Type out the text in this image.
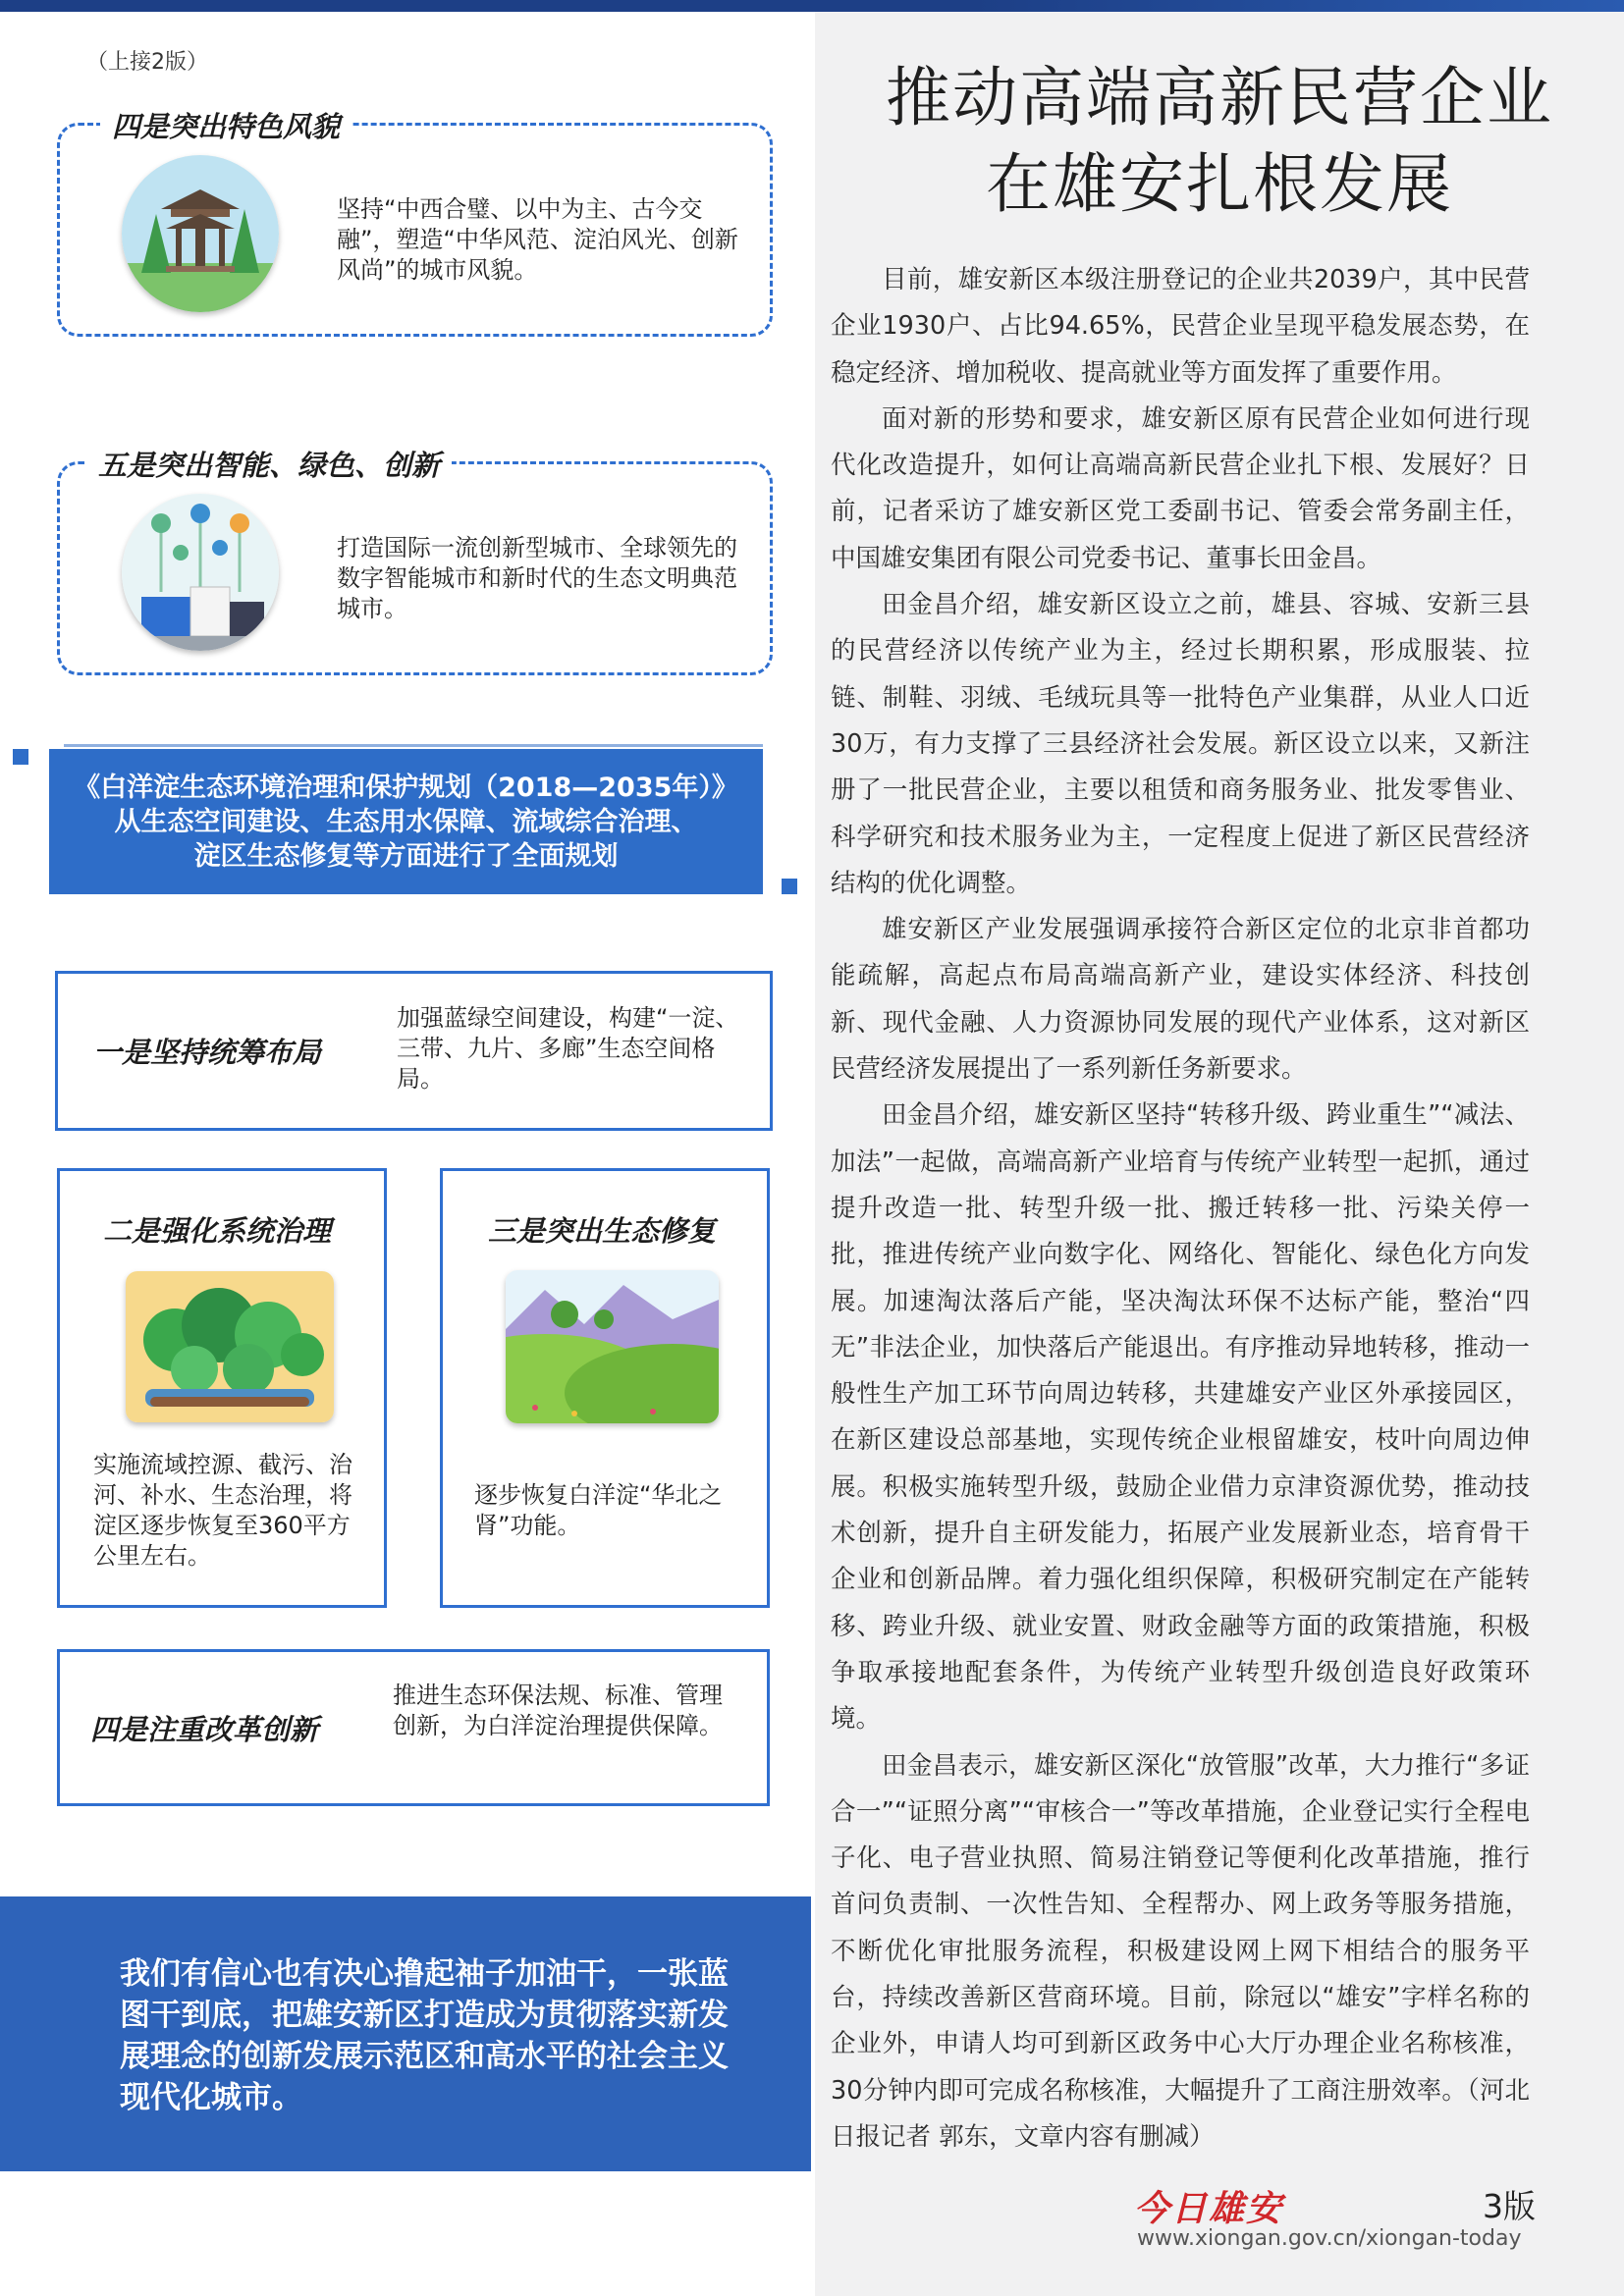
（上接2版）
四是突出特色风貌
坚持“中西合璧、以中为主、古今交融”，塑造“中华风范、淀泊风光、创新风尚”的城市风貌。
五是突出智能、绿色、创新
打造国际一流创新型城市、全球领先的数字智能城市和新时代的生态文明典范城市。
《白洋淀生态环境治理和保护规划（2018—2035年）》
从生态空间建设、生态用水保障、流域综合治理、
淀区生态修复等方面进行了全面规划
一是坚持统筹布局
加强蓝绿空间建设，构建“一淀、三带、九片、多廊”生态空间格局。
二是强化系统治理
实施流域控源、截污、治河、补水、生态治理，将淀区逐步恢复至360平方公里左右。
三是突出生态修复
逐步恢复白洋淀“华北之肾”功能。
四是注重改革创新
推进生态环保法规、标准、管理创新，为白洋淀治理提供保障。
我们有信心也有决心撸起袖子加油干，一张蓝图干到底，把雄安新区打造成为贯彻落实新发展理念的创新发展示范区和高水平的社会主义现代化城市。
推动高端高新民营企业
在雄安扎根发展

目前，雄安新区本级注册登记的企业共2039户，其中民营企业1930户、占比94.65%，民营企业呈现平稳发展态势，在稳定经济、增加税收、提高就业等方面发挥了重要作用。

面对新的形势和要求，雄安新区原有民营企业如何进行现代化改造提升，如何让高端高新民营企业扎下根、发展好？日前，记者采访了雄安新区党工委副书记、管委会常务副主任，中国雄安集团有限公司党委书记、董事长田金昌。

田金昌介绍，雄安新区设立之前，雄县、容城、安新三县的民营经济以传统产业为主，经过长期积累，形成服装、拉链、制鞋、羽绒、毛绒玩具等一批特色产业集群，从业人口近30万，有力支撑了三县经济社会发展。新区设立以来，又新注册了一批民营企业，主要以租赁和商务服务业、批发零售业、科学研究和技术服务业为主，一定程度上促进了新区民营经济结构的优化调整。

雄安新区产业发展强调承接符合新区定位的北京非首都功能疏解，高起点布局高端高新产业，建设实体经济、科技创新、现代金融、人力资源协同发展的现代产业体系，这对新区民营经济发展提出了一系列新任务新要求。

田金昌介绍，雄安新区坚持“转移升级、跨业重生”“减法、加法”一起做，高端高新产业培育与传统产业转型一起抓，通过提升改造一批、转型升级一批、搬迁转移一批、污染关停一批，推进传统产业向数字化、网络化、智能化、绿色化方向发展。加速淘汰落后产能，坚决淘汰环保不达标产能，整治“四无”非法企业，加快落后产能退出。有序推动异地转移，推动一般性生产加工环节向周边转移，共建雄安产业区外承接园区，在新区建设总部基地，实现传统企业根留雄安，枝叶向周边伸展。积极实施转型升级，鼓励企业借力京津资源优势，推动技术创新，提升自主研发能力，拓展产业发展新业态，培育骨干企业和创新品牌。着力强化组织保障，积极研究制定在产能转移、跨业升级、就业安置、财政金融等方面的政策措施，积极争取承接地配套条件，为传统产业转型升级创造良好政策环境。

田金昌表示，雄安新区深化“放管服”改革，大力推行“多证合一”“证照分离”“审核合一”等改革措施，企业登记实行全程电子化、电子营业执照、简易注销登记等便利化改革措施，推行首问负责制、一次性告知、全程帮办、网上政务等服务措施，不断优化审批服务流程，积极建设网上网下相结合的服务平台，持续改善新区营商环境。目前，除冠以“雄安”字样名称的企业外，申请人均可到新区政务中心大厅办理企业名称核准，30分钟内即可完成名称核准，大幅提升了工商注册效率。（河北日报记者 郭东，文章内容有删减）

今日雄安	3版
www.xiongan.gov.cn/xiongan-today
